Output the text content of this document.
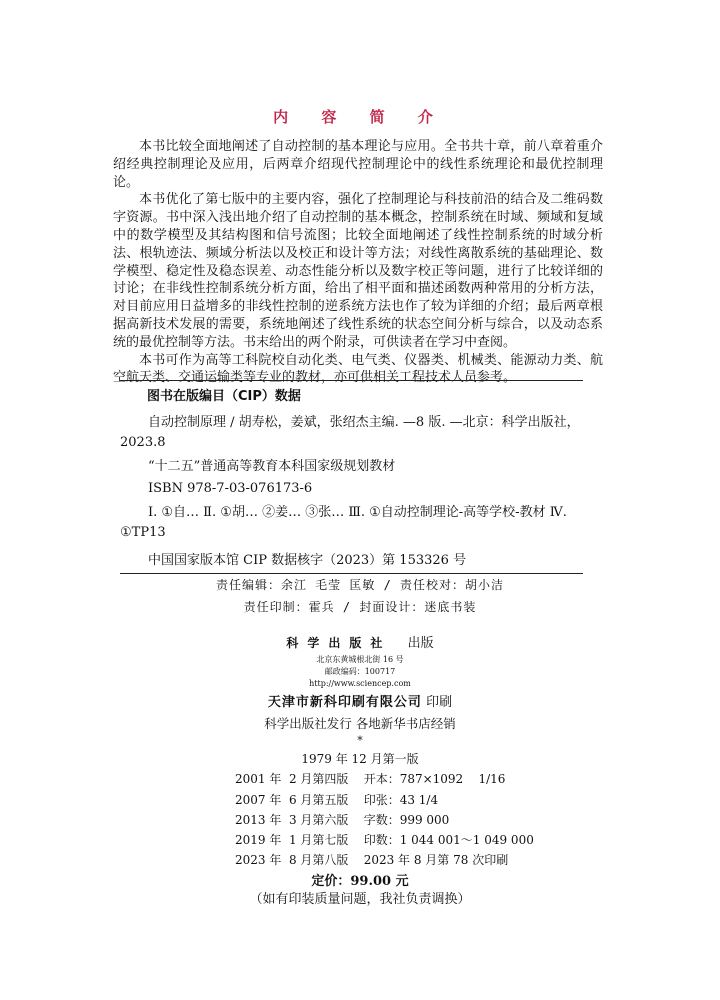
内 容 简 介

本书比较全面地阐述了自动控制的基本理论与应用。全书共十章，前八章着重介绍经典控制理论及应用，后两章介绍现代控制理论中的线性系统理论和最优控制理论。

本书优化了第七版中的主要内容，强化了控制理论与科技前沿的结合及二维码数字资源。书中深入浅出地介绍了自动控制的基本概念，控制系统在时域、频域和复域中的数学模型及其结构图和信号流图；比较全面地阐述了线性控制系统的时域分析法、根轨迹法、频域分析法以及校正和设计等方法；对线性离散系统的基础理论、数学模型、稳定性及稳态误差、动态性能分析以及数字校正等问题，进行了比较详细的讨论；在非线性控制系统分析方面，给出了相平面和描述函数两种常用的分析方法，对目前应用日益增多的非线性控制的逆系统方法也作了较为详细的介绍；最后两章根据高新技术发展的需要，系统地阐述了线性系统的状态空间分析与综合，以及动态系统的最优控制等方法。书末给出的两个附录，可供读者在学习中查阅。

本书可作为高等工科院校自动化类、电气类、仪器类、机械类、能源动力类、航空航天类、交通运输类等专业的教材，亦可供相关工程技术人员参考。

图书在版编目（CIP）数据
自动控制原理 / 胡寿松，姜斌，张绍杰主编. —8 版. —北京：科学出版社，2023.8
“十二五”普通高等教育本科国家级规划教材
ISBN 978-7-03-076173-6
Ⅰ. ①自… Ⅱ. ①胡… ②姜… ③张… Ⅲ. ①自动控制理论-高等学校-教材 Ⅳ. ①TP13
中国国家版本馆 CIP 数据核字（2023）第 153326 号
责任编辑：余江 毛莹 匡敏 / 责任校对：胡小洁
责任印制：霍兵 / 封面设计：迷底书装
科学出版社 出版
北京东黄城根北街 16 号
邮政编码：100717
http://www.sciencep.com
天津市新科印刷有限公司 印刷
科学出版社发行 各地新华书店经销
*
1979 年 12 月第一版
2001 年  2 月第四版    开本：787×1092    1/16
2007 年  6 月第五版    印张：43 1/4
2013 年  3 月第六版    字数：999 000
2019 年  1 月第七版    印数：1 044 001～1 049 000
2023 年  8 月第八版    2023 年 8 月第 78 次印刷
定价：99.00 元
（如有印装质量问题，我社负责调换）
